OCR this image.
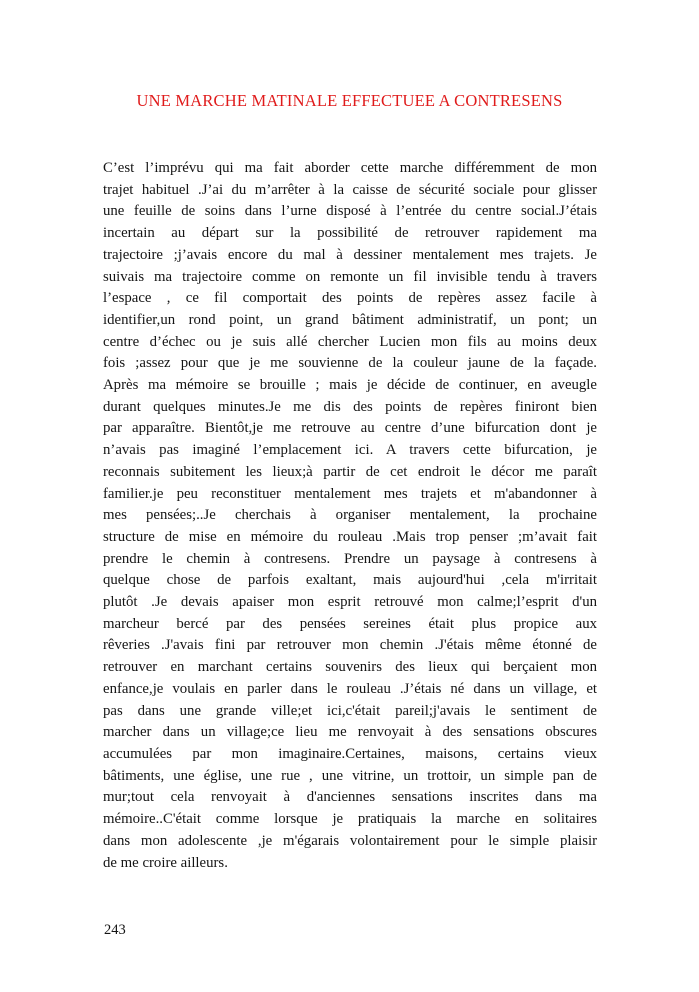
UNE MARCHE MATINALE EFFECTUEE A CONTRESENS
C’est l’imprévu qui ma fait aborder cette marche différemment de mon
trajet habituel .J’ai du m’arrêter à la caisse de sécurité sociale pour glisser
une feuille de soins dans l’urne disposé à l’entrée du centre social.J’étais
incertain au départ sur la possibilité de retrouver rapidement ma
trajectoire ;j’avais encore du mal à dessiner mentalement mes trajets. Je
suivais ma trajectoire comme on remonte un fil invisible tendu à travers
l’espace , ce fil comportait des points de repères assez facile à
identifier,un rond point, un grand bâtiment administratif, un pont; un
centre d’échec ou je suis allé chercher Lucien mon fils au moins deux
fois ;assez pour que je me souvienne de la couleur jaune de la façade.
Après ma mémoire se brouille ; mais je décide de continuer, en aveugle
durant quelques minutes.Je me dis des points de repères finiront bien
par apparaître. Bientôt,je me retrouve au centre d’une bifurcation dont je
n’avais pas imaginé l’emplacement ici. A travers cette bifurcation, je
reconnais subitement les lieux;à partir de cet endroit le décor me paraît
familier.je peu reconstituer mentalement mes trajets et m'abandonner à
mes pensées;..Je cherchais à organiser mentalement, la prochaine
structure de mise en mémoire du rouleau .Mais trop penser ;m’avait fait
prendre le chemin à contresens. Prendre un paysage à contresens à
quelque chose de parfois exaltant, mais aujourd'hui ,cela m'irritait
plutôt .Je devais apaiser mon esprit retrouvé mon calme;l’esprit d'un
marcheur bercé par des pensées sereines était plus propice aux
rêveries .J'avais fini par retrouver mon chemin .J'étais même étonné de
retrouver en marchant certains souvenirs des lieux qui berçaient mon
enfance,je voulais en parler dans le rouleau .J’étais né dans un village, et
pas dans une grande ville;et ici,c'était pareil;j'avais le sentiment de
marcher dans un village;ce lieu me renvoyait à des sensations obscures
accumulées par mon imaginaire.Certaines, maisons, certains vieux
bâtiments, une église, une rue , une vitrine, un trottoir, un simple pan de
mur;tout cela renvoyait à d'anciennes sensations inscrites dans ma
mémoire..C'était comme lorsque je pratiquais la marche en solitaires
dans mon adolescente ,je m'égarais volontairement pour le simple plaisir
de me croire ailleurs.
243
